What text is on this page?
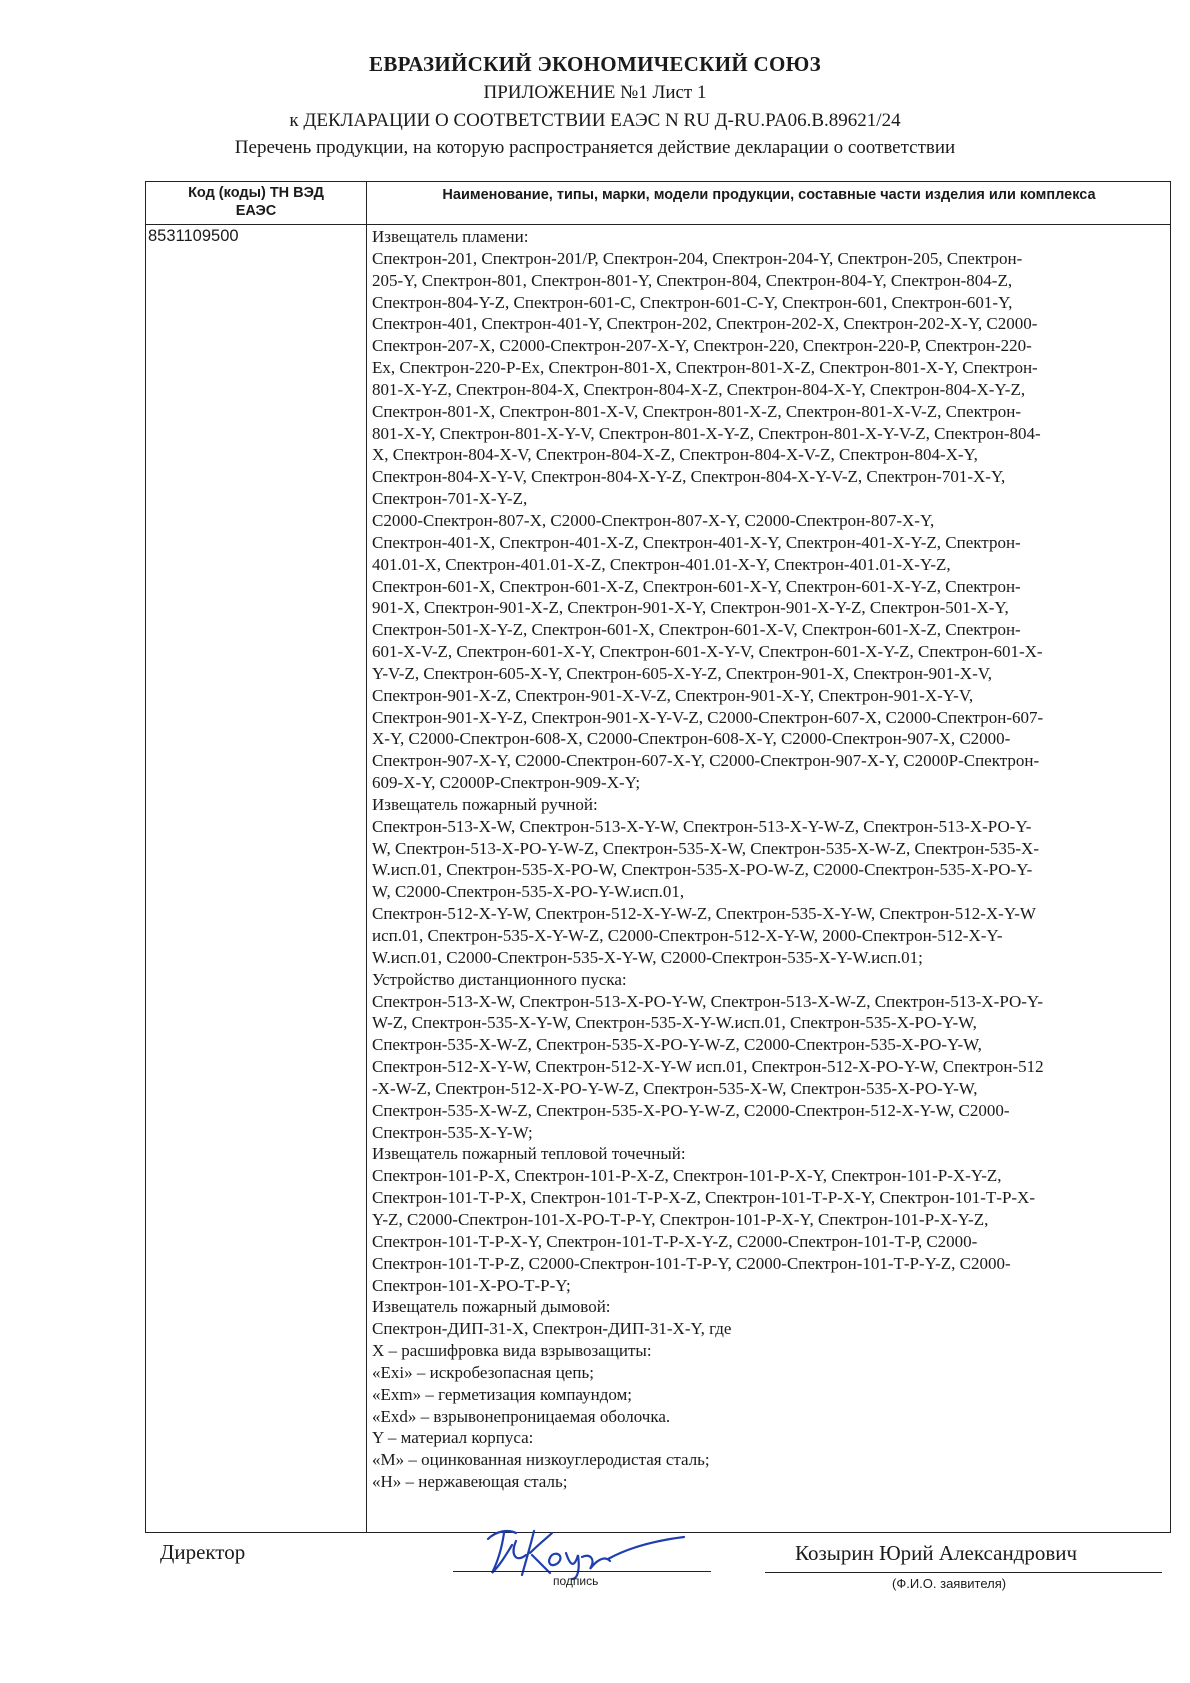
ЕВРАЗИЙСКИЙ ЭКОНОМИЧЕСКИЙ СОЮЗ
ПРИЛОЖЕНИЕ №1 Лист 1
к ДЕКЛАРАЦИИ О СООТВЕТСТВИИ ЕАЭС N RU Д-RU.PA06.B.89621/24
Перечень продукции, на которую распространяется действие декларации о соответствии
Код (коды) ТН ВЭД
ЕАЭС
Наименование, типы, марки, модели продукции, составные части изделия или комплекса
8531109500	Извещатель пламени:
Спектрон-201, Спектрон-201/Р, Спектрон-204, Спектрон-204-Y, Спектрон-205, Спектрон-
205-Y, Спектрон-801, Спектрон-801-Y, Спектрон-804, Спектрон-804-Y, Спектрон-804-Z,
Спектрон-804-Y-Z, Спектрон-601-С, Спектрон-601-С-Y, Спектрон-601, Спектрон-601-Y,
Спектрон-401, Спектрон-401-Y, Спектрон-202, Спектрон-202-Х, Спектрон-202-Х-Y, С2000-
Спектрон-207-Х, С2000-Спектрон-207-Х-Y, Спектрон-220, Спектрон-220-Р, Спектрон-220-
Ex, Спектрон-220-P-Ex, Спектрон-801-X, Спектрон-801-X-Z, Спектрон-801-X-Y, Спектрон-
801-X-Y-Z, Спектрон-804-X, Спектрон-804-X-Z, Спектрон-804-X-Y, Спектрон-804-X-Y-Z,
Спектрон-801-X, Спектрон-801-X-V, Спектрон-801-X-Z, Спектрон-801-X-V-Z, Спектрон-
801-X-Y, Спектрон-801-X-Y-V, Спектрон-801-X-Y-Z, Спектрон-801-X-Y-V-Z, Спектрон-804-
X, Спектрон-804-X-V, Спектрон-804-X-Z, Спектрон-804-X-V-Z, Спектрон-804-X-Y,
Спектрон-804-X-Y-V, Спектрон-804-X-Y-Z, Спектрон-804-X-Y-V-Z, Спектрон-701-X-Y,
Спектрон-701-X-Y-Z,
С2000-Спектрон-807-Х, С2000-Спектрон-807-Х-Y, С2000-Спектрон-807-Х-Y,
Спектрон-401-Х, Спектрон-401-Х-Z, Спектрон-401-Х-Y, Спектрон-401-Х-Y-Z, Спектрон-
401.01-Х, Спектрон-401.01-Х-Z, Спектрон-401.01-Х-Y, Спектрон-401.01-Х-Y-Z,
Спектрон-601-Х, Спектрон-601-Х-Z, Спектрон-601-Х-Y, Спектрон-601-Х-Y-Z, Спектрон-
901-Х, Спектрон-901-Х-Z, Спектрон-901-Х-Y, Спектрон-901-Х-Y-Z, Спектрон-501-Х-Y,
Спектрон-501-Х-Y-Z, Спектрон-601-Х, Спектрон-601-Х-V, Спектрон-601-Х-Z, Спектрон-
601-Х-V-Z, Спектрон-601-Х-Y, Спектрон-601-Х-Y-V, Спектрон-601-Х-Y-Z, Спектрон-601-Х-
Y-V-Z, Спектрон-605-Х-Y, Спектрон-605-Х-Y-Z, Спектрон-901-Х, Спектрон-901-Х-V,
Спектрон-901-Х-Z, Спектрон-901-Х-V-Z, Спектрон-901-Х-Y, Спектрон-901-Х-Y-V,
Спектрон-901-Х-Y-Z, Спектрон-901-Х-Y-V-Z, С2000-Спектрон-607-Х, С2000-Спектрон-607-
Х-Y, С2000-Спектрон-608-Х, С2000-Спектрон-608-Х-Y, С2000-Спектрон-907-Х, С2000-
Спектрон-907-Х-Y, С2000-Спектрон-607-Х-Y, С2000-Спектрон-907-Х-Y, С2000Р-Спектрон-
609-Х-Y, С2000Р-Спектрон-909-Х-Y;
Извещатель пожарный ручной:
Спектрон-513-Х-W, Спектрон-513-Х-Y-W, Спектрон-513-Х-Y-W-Z, Спектрон-513-Х-РО-Y-
W, Спектрон-513-Х-РО-Y-W-Z, Спектрон-535-Х-W, Спектрон-535-Х-W-Z, Спектрон-535-Х-
W.исп.01, Спектрон-535-Х-РО-W, Спектрон-535-Х-РО-W-Z, С2000-Спектрон-535-Х-РО-Y-
W, С2000-Спектрон-535-Х-РО-Y-W.исп.01,
Спектрон-512-Х-Y-W, Спектрон-512-Х-Y-W-Z, Спектрон-535-Х-Y-W, Спектрон-512-Х-Y-W
исп.01, Спектрон-535-Х-Y-W-Z, С2000-Спектрон-512-Х-Y-W, 2000-Спектрон-512-Х-Y-
W.исп.01, С2000-Спектрон-535-Х-Y-W, С2000-Спектрон-535-Х-Y-W.исп.01;
Устройство дистанционного пуска:
Спектрон-513-Х-W, Спектрон-513-Х-РО-Y-W, Спектрон-513-Х-W-Z, Спектрон-513-Х-РО-Y-
W-Z, Спектрон-535-Х-Y-W, Спектрон-535-Х-Y-W.исп.01, Спектрон-535-Х-РО-Y-W,
Спектрон-535-Х-W-Z, Спектрон-535-Х-РО-Y-W-Z, С2000-Спектрон-535-Х-РО-Y-W,
Спектрон-512-Х-Y-W, Спектрон-512-Х-Y-W исп.01, Спектрон-512-Х-РО-Y-W, Спектрон-512
-Х-W-Z, Спектрон-512-Х-РО-Y-W-Z, Спектрон-535-Х-W, Спектрон-535-Х-РО-Y-W,
Спектрон-535-Х-W-Z, Спектрон-535-Х-РО-Y-W-Z, С2000-Спектрон-512-Х-Y-W, С2000-
Спектрон-535-Х-Y-W;
Извещатель пожарный тепловой точечный:
Спектрон-101-Р-Х, Спектрон-101-Р-Х-Z, Спектрон-101-Р-Х-Y, Спектрон-101-Р-Х-Y-Z,
Спектрон-101-Т-Р-Х, Спектрон-101-Т-Р-Х-Z, Спектрон-101-Т-Р-Х-Y, Спектрон-101-Т-Р-Х-
Y-Z, С2000-Спектрон-101-Х-РО-Т-Р-Y, Спектрон-101-Р-Х-Y, Спектрон-101-Р-Х-Y-Z,
Спектрон-101-Т-Р-Х-Y, Спектрон-101-Т-Р-Х-Y-Z, С2000-Спектрон-101-Т-Р, С2000-
Спектрон-101-Т-Р-Z, С2000-Спектрон-101-Т-Р-Y, С2000-Спектрон-101-Т-Р-Y-Z, С2000-
Спектрон-101-Х-РО-Т-Р-Y;
Извещатель пожарный дымовой:
Спектрон-ДИП-31-Х, Спектрон-ДИП-31-Х-Y, где
Х – расшифровка вида взрывозащиты:
«Exi» – искробезопасная цепь;
«Exm» – герметизация компаундом;
«Exd» – взрывонепроницаемая оболочка.
Y – материал корпуса:
«М» – оцинкованная низкоуглеродистая сталь;
«Н» – нержавеющая сталь;
Директор
подпись
Козырин Юрий Александрович
(Ф.И.О. заявителя)
